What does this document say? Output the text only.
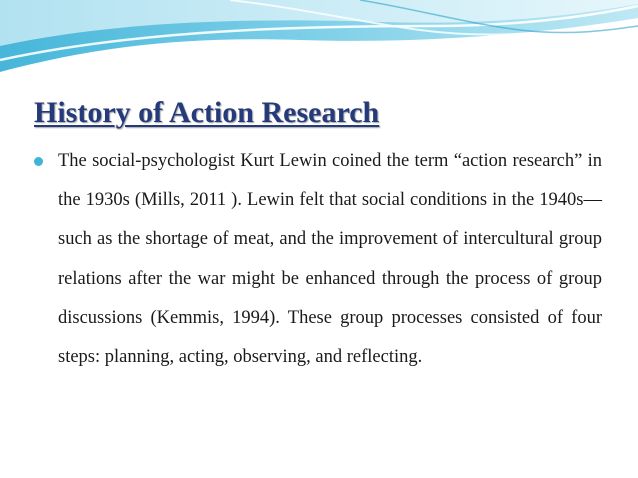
History of Action Research

The social-psychologist Kurt Lewin coined the term “action research” in the 1930s (Mills, 2011 ). Lewin felt that social conditions in the 1940s—such as the shortage of meat, and the improvement of intercultural group relations after the war might be enhanced through the process of group discussions (Kemmis, 1994). These group processes consisted of four steps: planning, acting, observing, and reflecting.
